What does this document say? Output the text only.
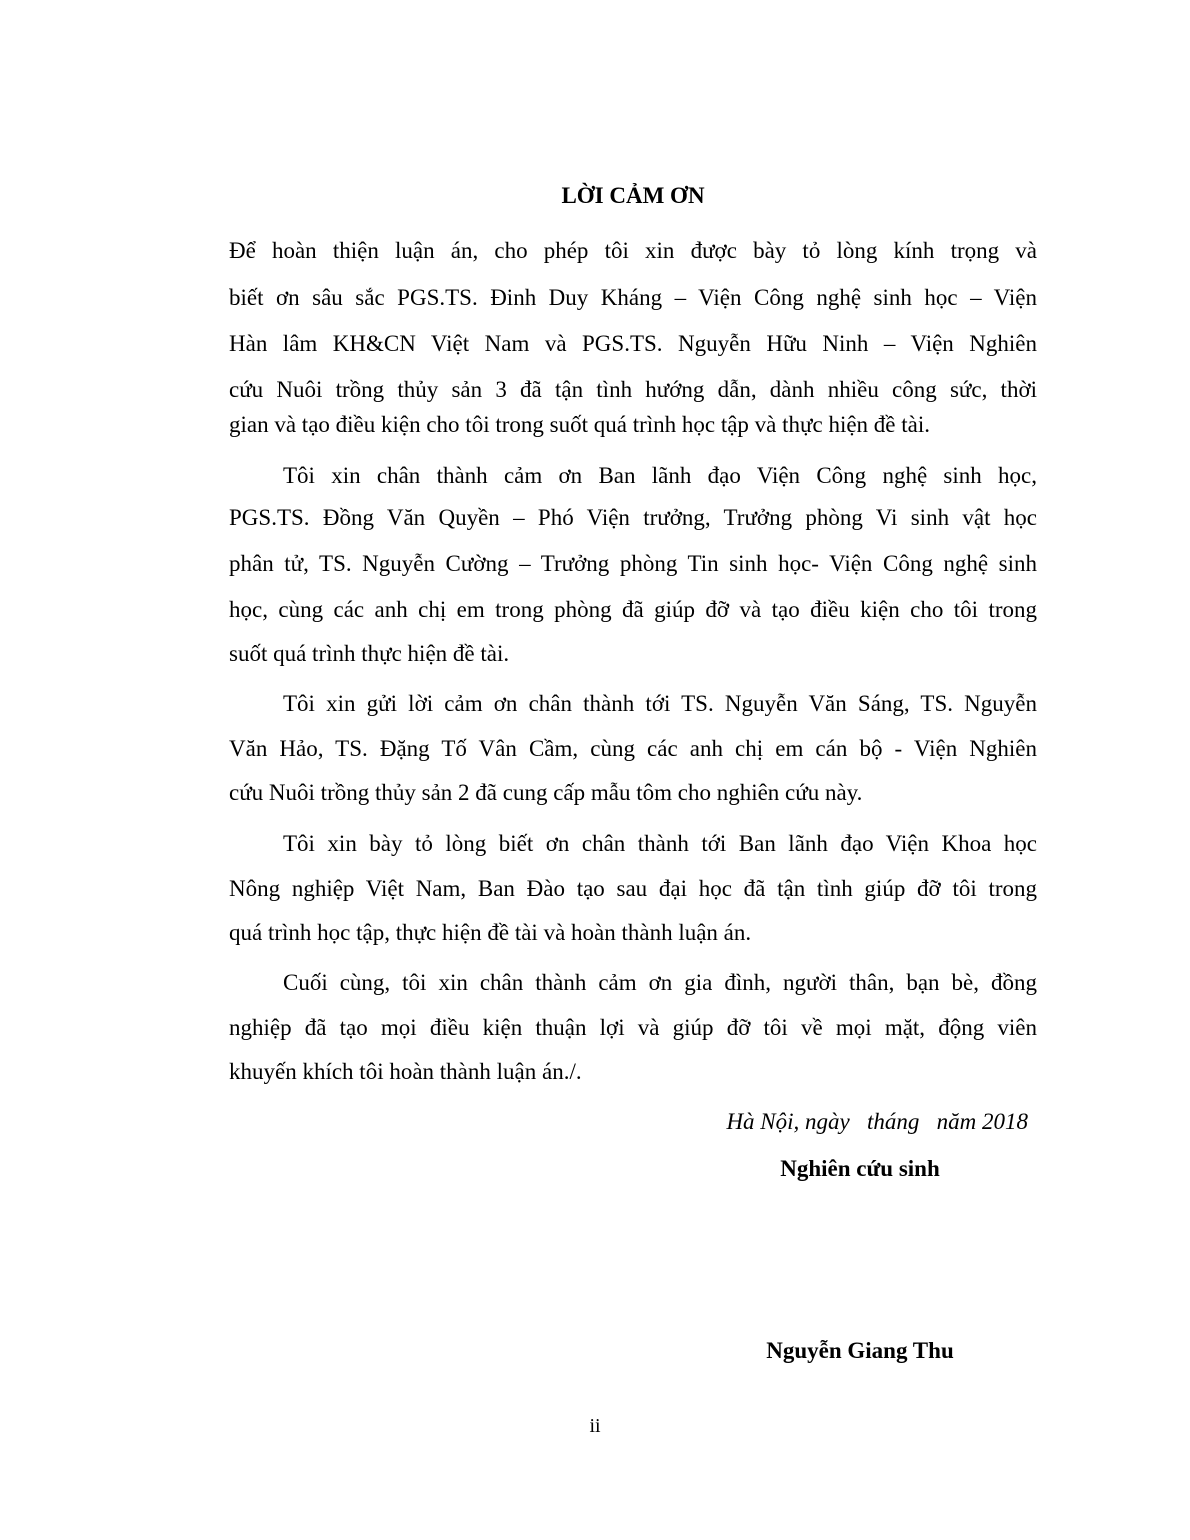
LỜI CẢM ƠN
Để hoàn thiện luận án, cho phép tôi xin được bày tỏ lòng kính trọng và
biết ơn sâu sắc PGS.TS. Đinh Duy Kháng – Viện Công nghệ sinh học – Viện
Hàn lâm KH&CN Việt Nam và PGS.TS. Nguyễn Hữu Ninh – Viện Nghiên
cứu Nuôi trồng thủy sản 3 đã tận tình hướng dẫn, dành nhiều công sức, thời
gian và tạo điều kiện cho tôi trong suốt quá trình học tập và thực hiện đề tài.
Tôi xin chân thành cảm ơn Ban lãnh đạo Viện Công nghệ sinh học,
PGS.TS. Đồng Văn Quyền – Phó Viện trưởng, Trưởng phòng Vi sinh vật học
phân tử, TS. Nguyễn Cường – Trưởng phòng Tin sinh học- Viện Công nghệ sinh
học, cùng các anh chị em trong phòng đã giúp đỡ và tạo điều kiện cho tôi trong
suốt quá trình thực hiện đề tài.
Tôi xin gửi lời cảm ơn chân thành tới TS. Nguyễn Văn Sáng, TS. Nguyễn
Văn Hảo, TS. Đặng Tố Vân Cầm, cùng các anh chị em cán bộ - Viện Nghiên
cứu Nuôi trồng thủy sản 2 đã cung cấp mẫu tôm cho nghiên cứu này.
Tôi xin bày tỏ lòng biết ơn chân thành tới Ban lãnh đạo Viện Khoa học
Nông nghiệp Việt Nam, Ban Đào tạo sau đại học đã tận tình giúp đỡ tôi trong
quá trình học tập, thực hiện đề tài và hoàn thành luận án.
Cuối cùng, tôi xin chân thành cảm ơn gia đình, người thân, bạn bè, đồng
nghiệp đã tạo mọi điều kiện thuận lợi và giúp đỡ tôi về mọi mặt, động viên
khuyến khích tôi hoàn thành luận án./.
Hà Nội, ngày   tháng   năm 2018
Nghiên cứu sinh
Nguyễn Giang Thu
ii
